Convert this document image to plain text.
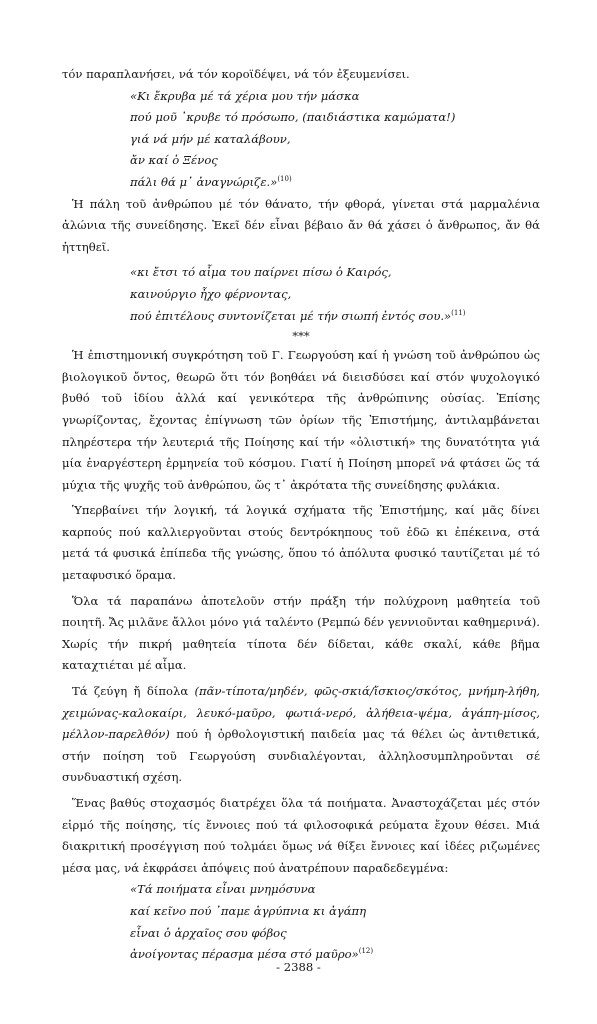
τόν παραπλανήσει, νά τόν κοροϊδέψει, νά τόν ἐξευμενίσει.

«Κι ἔκρυβα μέ τά χέρια μου τήν μάσκα
πού μοῦ ᾽κρυβε τό πρόσωπο, (παιδιάστικα καμώματα!)
γιά νά μήν μέ καταλάβουν,
ἄν καί ὁ Ξένος
πάλι θά μ᾽ ἀναγνώριζε.»$^{(10)}$

Ἡ πάλη τοῦ ἀνθρώπου μέ τόν θάνατο, τήν φθορά, γίνεται στά μαρμαλένια ἁλώνια τῆς συνείδησης. Ἐκεῖ δέν εἶναι βέβαιο ἄν θά χάσει ὁ ἄνθρωπος, ἄν θά ἡττηθεῖ.

«κι ἔτσι τό αἷμα του παίρνει πίσω ὁ Καιρός,
καινούργιο ἦχο φέρνοντας,
πού ἐπιτέλους συντονίζεται μέ τήν σιωπή ἐντός σου.»$^{(11)}$

***

Ἡ ἐπιστημονική συγκρότηση τοῦ Γ. Γεωργούση καί ἡ γνώση τοῦ ἀνθρώπου ὡς βιολογικοῦ ὄντος, θεωρῶ ὅτι τόν βοηθάει νά διεισδύσει καί στόν ψυχολογικό βυθό τοῦ ἰδίου ἀλλά καί γενικότερα τῆς ἀνθρώπινης οὐσίας. Ἐπίσης γνωρίζοντας, ἔχοντας ἐπίγνωση τῶν ὁρίων τῆς Ἐπιστήμης, ἀντιλαμβάνεται πληρέστερα τήν λευτεριά τῆς Ποίησης καί τήν «ὀλιστική» της δυνατότητα γιά μία ἐναργέστερη ἑρμηνεία τοῦ κόσμου. Γιατί ἡ Ποίηση μπορεῖ νά φτάσει ὥς τά μύχια τῆς ψυχῆς τοῦ ἀνθρώπου, ὥς τ᾽ ἀκρότατα τῆς συνείδησης φυλάκια.

Ὑπερβαίνει τήν λογική, τά λογικά σχήματα τῆς Ἐπιστήμης, καί μᾶς δίνει καρπούς πού καλλιεργοῦνται στούς δεντρόκηπους τοῦ ἐδῶ κι ἐπέκεινα, στά μετά τά φυσικά ἐπίπεδα τῆς γνώσης, ὅπου τό ἀπόλυτα φυσικό ταυτίζεται μέ τό μεταφυσικό ὅραμα.

Ὅλα τά παραπάνω ἀποτελοῦν στήν πράξη τήν πολύχρονη μαθητεία τοῦ ποιητῆ. Ἄς μιλᾶνε ἄλλοι μόνο γιά ταλέντο (Ρεμπώ δέν γεννιοῦνται καθημερινά). Χωρίς τήν πικρή μαθητεία τίποτα δέν δίδεται, κάθε σκαλί, κάθε βῆμα καταχτιέται μέ αἷμα.

Τά ζεύγη ἤ δίπολα (πᾶν-τίποτα/μηδέν, φῶς-σκιά/ἴσκιος/σκότος, μνήμη-λήθη, χειμώνας-καλοκαίρι, λευκό-μαῦρο, φωτιά-νερό, ἀλήθεια-ψέμα, ἀγάπη-μίσος, μέλλον-παρελθόν) πού ἡ ὀρθολογιστική παιδεία μας τά θέλει ὡς ἀντιθετικά, στήν ποίηση τοῦ Γεωργούση συνδιαλέγονται, ἀλληλοσυμπληροῦνται σέ συνδυαστική σχέση.

Ἕνας βαθύς στοχασμός διατρέχει ὅλα τά ποιήματα. Ἀναστοχάζεται μές στόν εἱρμό τῆς ποίησης, τίς ἔννοιες πού τά φιλοσοφικά ρεύματα ἔχουν θέσει. Μιά διακριτική προσέγγιση πού τολμάει ὅμως νά θίξει ἔννοιες καί ἰδέες ριζωμένες μέσα μας, νά ἐκφράσει ἀπόψεις πού ἀνατρέπουν παραδεδεγμένα:

«Τά ποιήματα εἶναι μνημόσυνα
καί κεῖνο πού ᾽παμε ἀγρύπνια κι ἀγάπη
εἶναι ὁ ἀρχαῖος σου φόβος
ἀνοίγοντας πέρασμα μέσα στό μαῦρο»$^{(12)}$
- 2388 -
